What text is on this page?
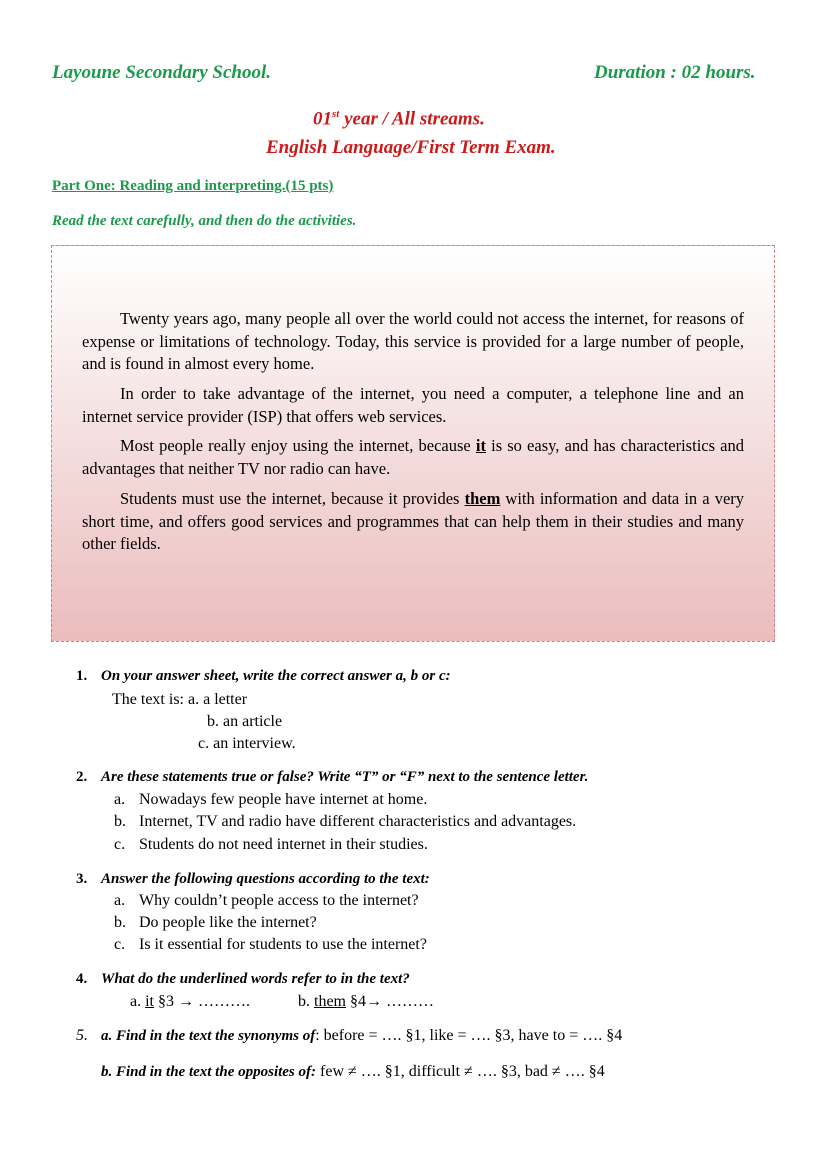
Layoune Secondary School.	Duration : 02 hours.
01st year / All streams.
English Language/First Term Exam.
Part One: Reading and interpreting.(15 pts)
Read the text carefully, and then do the activities.

Twenty years ago, many people all over the world could not access the internet, for reasons of expense or limitations of technology. Today, this service is provided for a large number of people, and is found in almost every home.

In order to take advantage of the internet, you need a computer, a telephone line and an internet service provider (ISP) that offers web services.

Most people really enjoy using the internet, because it is so easy, and has characteristics and advantages that neither TV nor radio can have.

Students must use the internet, because it provides them with information and data in a very short time, and offers good services and programmes that can help them in their studies and many other fields.

1. On your answer sheet, write the correct answer a, b or c:
The text is: a. a letter
b. an article
c. an interview.
2. Are these statements true or false? Write “T” or “F” next to the sentence letter.
a. Nowadays few people have internet at home.
b. Internet, TV and radio have different characteristics and advantages.
c. Students do not need internet in their studies.
3. Answer the following questions according to the text:
a. Why couldn’t people access to the internet?
b. Do people like the internet?
c. Is it essential for students to use the internet?
4. What do the underlined words refer to in the text?
a. it §3 → ……….	b. them §4→ ………
5. a. Find in the text the synonyms of: before = …. §1, like = …. §3, have to = …. §4
b. Find in the text the opposites of: few ≠ …. §1, difficult ≠ …. §3, bad ≠ …. §4
